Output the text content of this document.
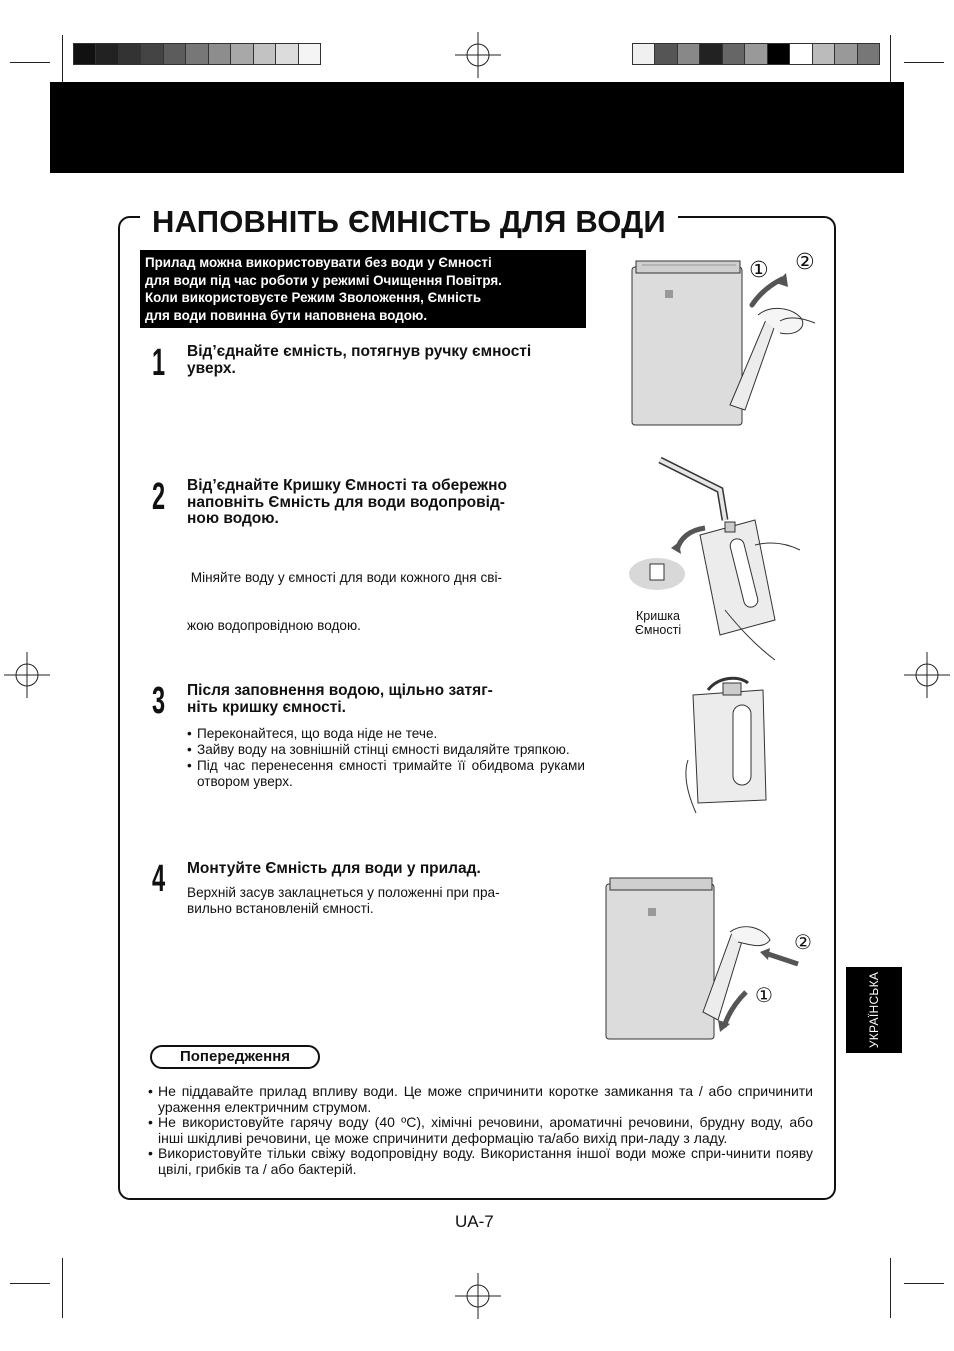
НАПОВНІТЬ ЄМНІСТЬ ДЛЯ ВОДИ

Прилад можна використовувати без води у Ємності

для води під час роботи у режимі Очищення Повітря.

Коли використовуєте Режим Зволоження, Ємність

для води повинна бути наповнена водою.

1 Від’єднайте ємність, потягнув ручку ємності

уверх.

2 Від’єднайте Кришку Ємності та обережно

наповніть Ємність для води водопровід-

ною водою.

Міняйте воду у ємності для води кожного дня сві-

жою водопровідною водою.

3 Після заповнення водою, щільно затяг-

ніть кришку ємності.

• Переконайтеся, що вода ніде не тече.
• Зайву воду на зовнішній стінці ємності видаляйте тряпкою.
• Під час перенесення ємності тримайте її обидвома руками отвором уверх.
4 Монтуйте Ємність для води у прилад.

Верхній засув заклацнеться у положенні при пра-

вильно встановленій ємності.

① ②

Кришка

Ємності

②
①
Попередження
• Не піддавайте прилад впливу води. Це може спричинити коротке замикання та / або спричинити ураження електричним струмом.
• Не використовуйте гарячу воду (40 ºC), хімічні речовини, ароматичні речовини, брудну воду, або інші шкідливі речовини, це може спричинити деформацію та/або вихід при-ладу з ладу.
• Використовуйте тільки свіжу водопровідну воду. Використання іншої води може спри-чинити появу цвілі, грибків та / або бактерій.
УКРАЇНСЬКА
UA-7
